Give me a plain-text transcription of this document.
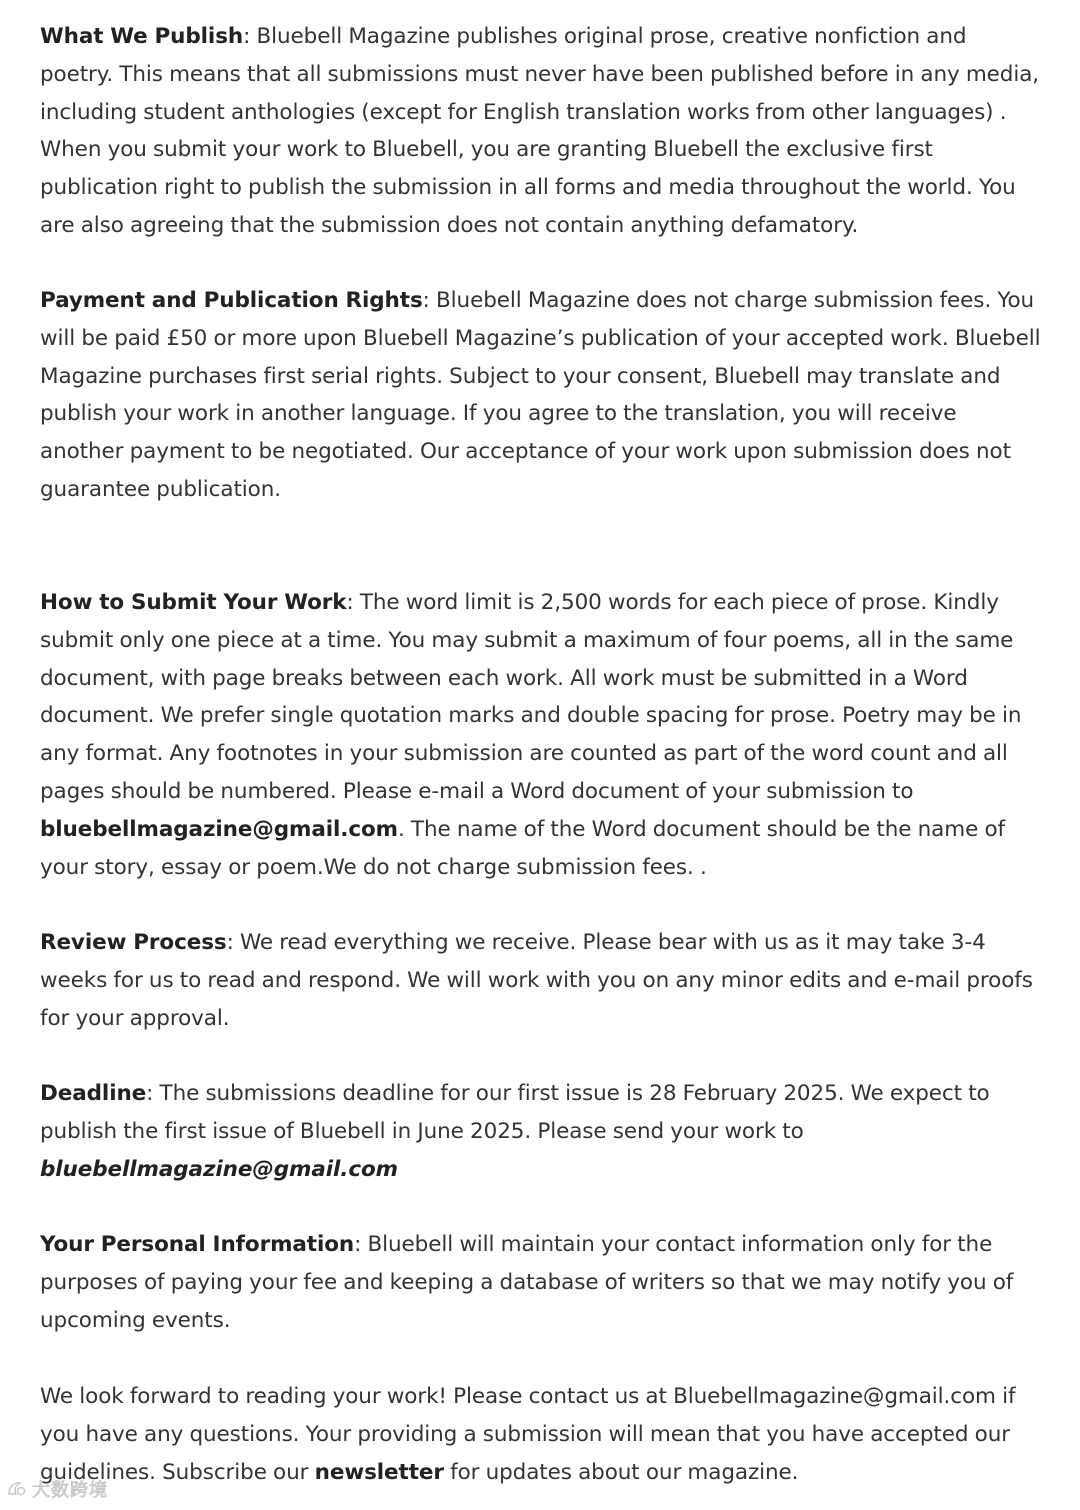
What We Publish: Bluebell Magazine publishes original prose, creative nonfiction and poetry. This means that all submissions must never have been published before in any media, including student anthologies (except for English translation works from other languages) . When you submit your work to Bluebell, you are granting Bluebell the exclusive first publication right to publish the submission in all forms and media throughout the world. You are also agreeing that the submission does not contain anything defamatory.

Payment and Publication Rights: Bluebell Magazine does not charge submission fees. You will be paid £50 or more upon Bluebell Magazine’s publication of your accepted work. Bluebell Magazine purchases first serial rights. Subject to your consent, Bluebell may translate and publish your work in another language. If you agree to the translation, you will receive another payment to be negotiated. Our acceptance of your work upon submission does not guarantee publication.

How to Submit Your Work: The word limit is 2,500 words for each piece of prose. Kindly submit only one piece at a time. You may submit a maximum of four poems, all in the same document, with page breaks between each work. All work must be submitted in a Word document. We prefer single quotation marks and double spacing for prose. Poetry may be in any format. Any footnotes in your submission are counted as part of the word count and all pages should be numbered. Please e-mail a Word document of your submission to bluebellmagazine@gmail.com. The name of the Word document should be the name of your story, essay or poem.We do not charge submission fees. .

Review Process: We read everything we receive. Please bear with us as it may take 3-4 weeks for us to read and respond. We will work with you on any minor edits and e-mail proofs for your approval.

Deadline: The submissions deadline for our first issue is 28 February 2025. We expect to publish the first issue of Bluebell in June 2025. Please send your work to
bluebellmagazine@gmail.com

Your Personal Information: Bluebell will maintain your contact information only for the purposes of paying your fee and keeping a database of writers so that we may notify you of upcoming events.

We look forward to reading your work! Please contact us at Bluebellmagazine@gmail.com if you have any questions. Your providing a submission will mean that you have accepted our guidelines. Subscribe our newsletter for updates about our magazine.

大数跨境
